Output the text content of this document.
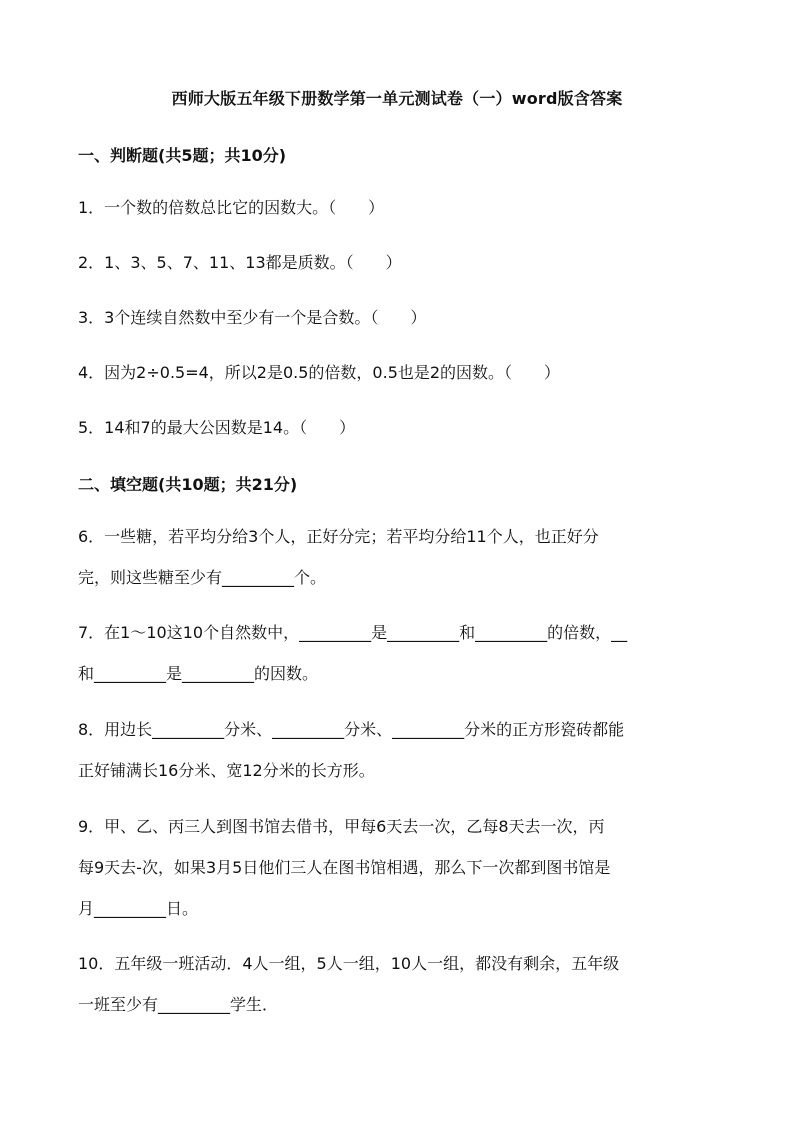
西师大版五年级下册数学第一单元测试卷（一）word版含答案
一、判断题(共5题；共10分)

1．一个数的倍数总比它的因数大。（　　）

2．1、3、5、7、11、13都是质数。（　　）

3．3个连续自然数中至少有一个是合数。（　　）

4．因为2÷0.5=4，所以2是0.5的倍数，0.5也是2的因数。（　　）

5．14和7的最大公因数是14。（　　）

二、填空题(共10题；共21分)

6．一些糖，若平均分给3个人，正好分完；若平均分给11个人，也正好分

完，则这些糖至少有_________个。

7．在1～10这10个自然数中，_________是_________和_________的倍数，__

和_________是_________的因数。

8．用边长_________分米、_________分米、_________分米的正方形瓷砖都能

正好铺满长16分米、宽12分米的长方形。

9．甲、乙、丙三人到图书馆去借书，甲每6天去一次，乙每8天去一次，丙

每9天去-次，如果3月5日他们三人在图书馆相遇，那么下一次都到图书馆是

月_________日。

10．五年级一班活动．4人一组，5人一组，10人一组，都没有剩余，五年级

一班至少有_________学生．
